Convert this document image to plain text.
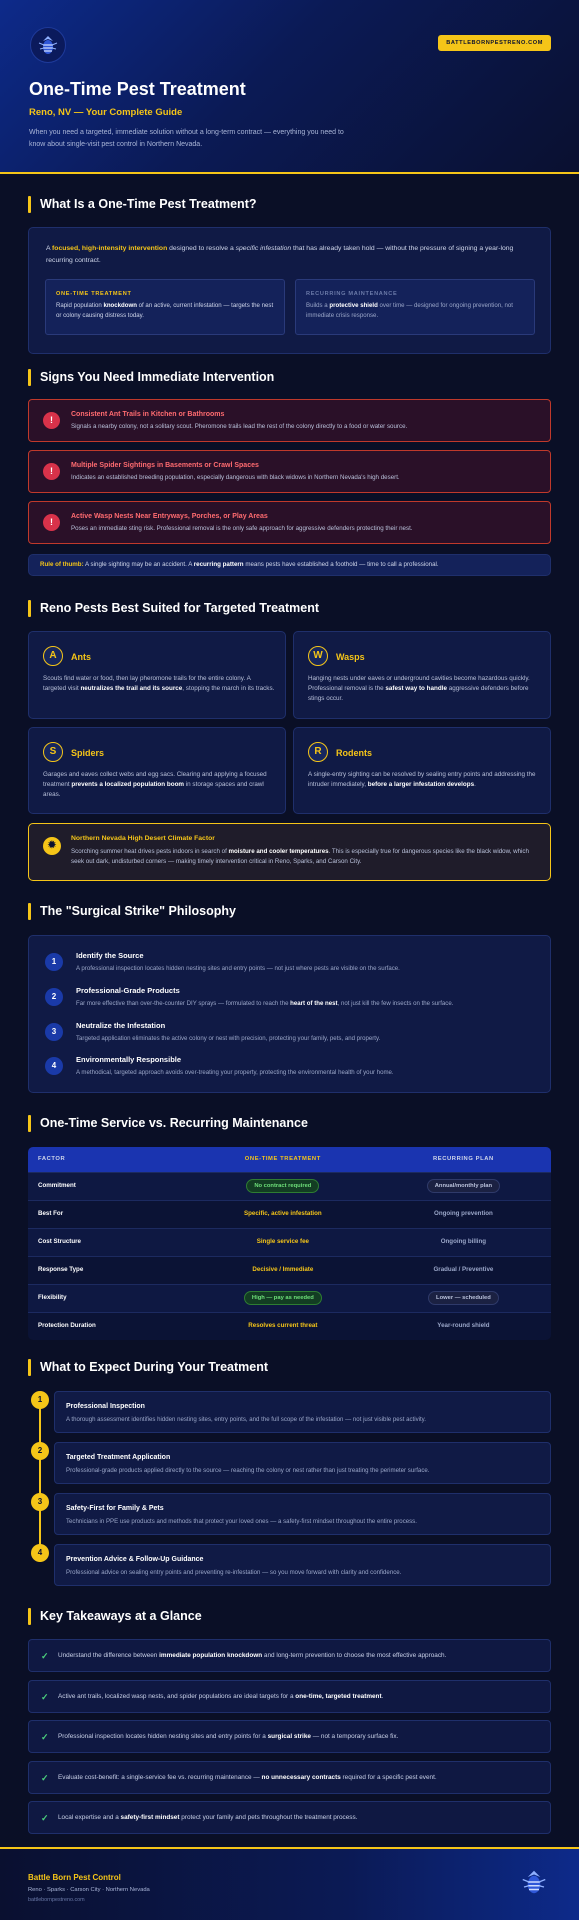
BATTLEBORNPESTRENO.COM
One-Time Pest Treatment
Reno, NV — Your Complete Guide

When you need a targeted, immediate solution without a long-term contract — everything you need to know about single-visit pest control in Northern Nevada.

What Is a One-Time Pest Treatment?

A focused, high-intensity intervention designed to resolve a specific infestation that has already taken hold — without the pressure of signing a year-long recurring contract.

ONE-TIME TREATMENT

Rapid population knockdown of an active, current infestation — targets the nest or colony causing distress today.

RECURRING MAINTENANCE

Builds a protective shield over time — designed for ongoing prevention, not immediate crisis response.

Signs You Need Immediate Intervention
!
Consistent Ant Trails in Kitchen or Bathrooms
Signals a nearby colony, not a solitary scout. Pheromone trails lead the rest of the colony directly to a food or water source.
!
Multiple Spider Sightings in Basements or Crawl Spaces
Indicates an established breeding population, especially dangerous with black widows in Northern Nevada's high desert.
!
Active Wasp Nests Near Entryways, Porches, or Play Areas
Poses an immediate sting risk. Professional removal is the only safe approach for aggressive defenders protecting their nest.

Rule of thumb: A single sighting may be an accident. A recurring pattern means pests have established a foothold — time to call a professional.

Reno Pests Best Suited for Targeted Treatment
A	Ants

Scouts find water or food, then lay pheromone trails for the entire colony. A targeted visit neutralizes the trail and its source, stopping the march in its tracks.

W	Wasps

Hanging nests under eaves or underground cavities become hazardous quickly. Professional removal is the safest way to handle aggressive defenders before stings occur.

S	Spiders

Garages and eaves collect webs and egg sacs. Clearing and applying a focused treatment prevents a localized population boom in storage spaces and crawl areas.

R	Rodents

A single-entry sighting can be resolved by sealing entry points and addressing the intruder immediately, before a larger infestation develops.

✹
Northern Nevada High Desert Climate Factor

Scorching summer heat drives pests indoors in search of moisture and cooler temperatures. This is especially true for dangerous species like the black widow, which seek out dark, undisturbed corners — making timely intervention critical in Reno, Sparks, and Carson City.

The "Surgical Strike" Philosophy
1
Identify the Source
A professional inspection locates hidden nesting sites and entry points — not just where pests are visible on the surface.
2
Professional-Grade Products
Far more effective than over-the-counter DIY sprays — formulated to reach the heart of the nest, not just kill the few insects on the surface.
3
Neutralize the Infestation
Targeted application eliminates the active colony or nest with precision, protecting your family, pets, and property.
4
Environmentally Responsible
A methodical, targeted approach avoids over-treating your property, protecting the environmental health of your home.
One-Time Service vs. Recurring Maintenance
FACTOR	ONE-TIME TREATMENT	RECURRING PLAN
Commitment	No contract required	Annual/monthly plan
Best For	Specific, active infestation	Ongoing prevention
Cost Structure	Single service fee	Ongoing billing
Response Type	Decisive / Immediate	Gradual / Preventive
Flexibility	High — pay as needed	Lower — scheduled
Protection Duration	Resolves current threat	Year-round shield
What to Expect During Your Treatment
1
Professional Inspection
A thorough assessment identifies hidden nesting sites, entry points, and the full scope of the infestation — not just visible pest activity.
2
Targeted Treatment Application
Professional-grade products applied directly to the source — reaching the colony or nest rather than just treating the perimeter surface.
3
Safety-First for Family & Pets
Technicians in PPE use products and methods that protect your loved ones — a safety-first mindset throughout the entire process.
4
Prevention Advice & Follow-Up Guidance
Professional advice on sealing entry points and preventing re-infestation — so you move forward with clarity and confidence.
Key Takeaways at a Glance
✓ Understand the difference between immediate population knockdown and long-term prevention to choose the most effective approach.
✓ Active ant trails, localized wasp nests, and spider populations are ideal targets for a one-time, targeted treatment.
✓ Professional inspection locates hidden nesting sites and entry points for a surgical strike — not a temporary surface fix.
✓ Evaluate cost-benefit: a single-service fee vs. recurring maintenance — no unnecessary contracts required for a specific pest event.
✓ Local expertise and a safety-first mindset protect your family and pets throughout the treatment process.
Battle Born Pest Control
Reno · Sparks · Carson City · Northern Nevada
battlebornpestreno.com
